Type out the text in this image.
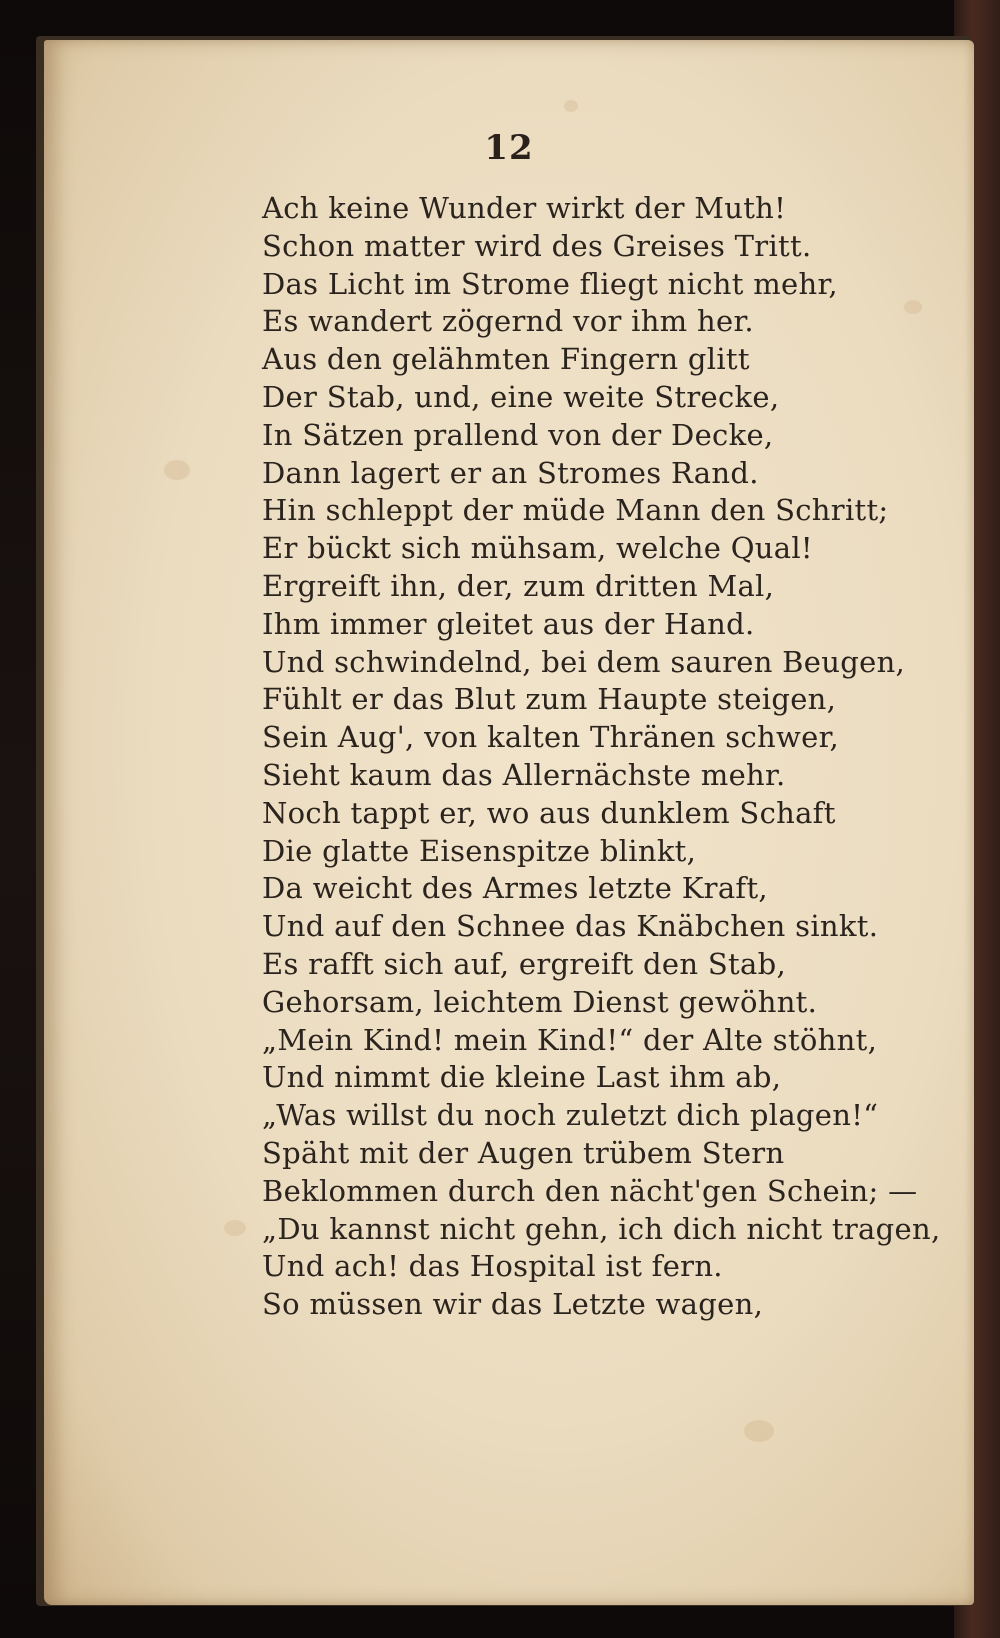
12
Ach keine Wunder wirkt der Muth!
Schon matter wird des Greises Tritt.
Das Licht im Strome fliegt nicht mehr,
Es wandert zögernd vor ihm her.
Aus den gelähmten Fingern glitt
Der Stab, und, eine weite Strecke,
In Sätzen prallend von der Decke,
Dann lagert er an Stromes Rand.
Hin schleppt der müde Mann den Schritt;
Er bückt sich mühsam, welche Qual!
Ergreift ihn, der, zum dritten Mal,
Ihm immer gleitet aus der Hand.
Und schwindelnd, bei dem sauren Beugen,
Fühlt er das Blut zum Haupte steigen,
Sein Aug', von kalten Thränen schwer,
Sieht kaum das Allernächste mehr.
Noch tappt er, wo aus dunklem Schaft
Die glatte Eisenspitze blinkt,
Da weicht des Armes letzte Kraft,
Und auf den Schnee das Knäbchen sinkt.
Es rafft sich auf, ergreift den Stab,
Gehorsam, leichtem Dienst gewöhnt.
„Mein Kind! mein Kind!“ der Alte stöhnt,
Und nimmt die kleine Last ihm ab,
„Was willst du noch zuletzt dich plagen!“
Späht mit der Augen trübem Stern
Beklommen durch den nächt'gen Schein; —
„Du kannst nicht gehn, ich dich nicht tragen,
Und ach! das Hospital ist fern.
So müssen wir das Letzte wagen,
